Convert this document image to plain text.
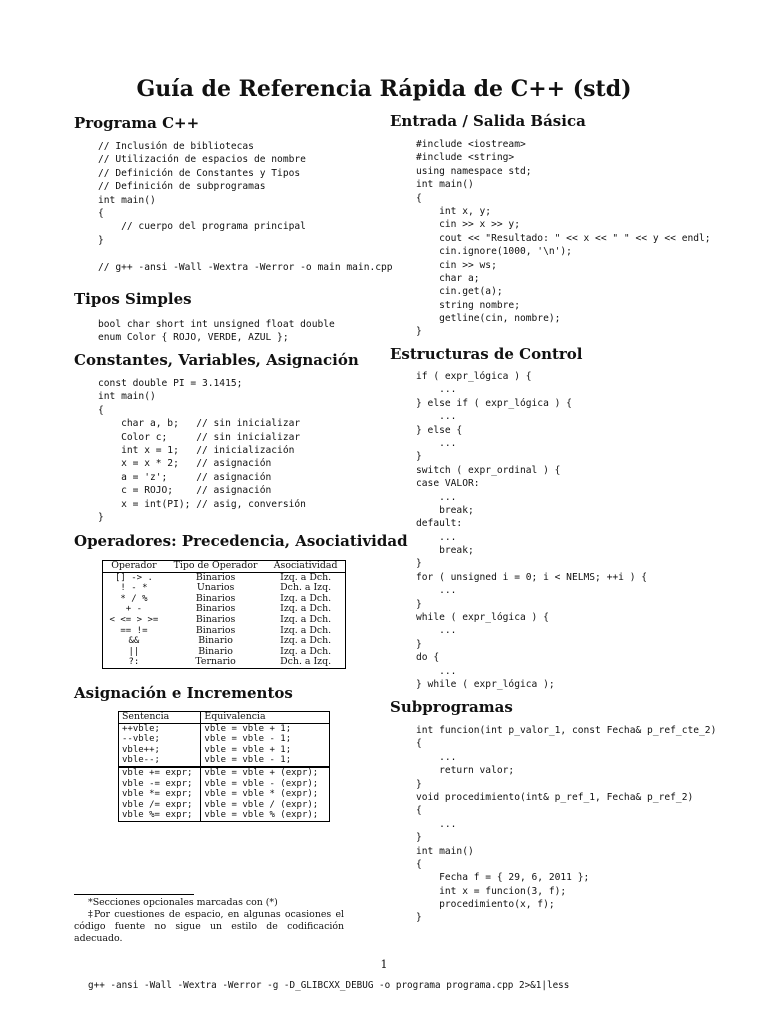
Guía de Referencia Rápida de C++ (std)
Programa C++
// Inclusión de bibliotecas
// Utilización de espacios de nombre
// Definición de Constantes y Tipos
// Definición de subprogramas
int main()
{
// cuerpo del programa principal
}
// g++ -ansi -Wall -Wextra -Werror -o main main.cpp
Tipos Simples
bool char short int unsigned float double
enum Color { ROJO, VERDE, AZUL };
Constantes, Variables, Asignación
const double PI = 3.1415;
int main()
{
char a, b;   // sin inicializar
Color c;     // sin inicializar
int x = 1;   // inicialización
x = x * 2;   // asignación
a = 'z';     // asignación
c = ROJO;    // asignación
x = int(PI); // asig, conversión
}
Operadores: Precedencia, Asociatividad
Operador	Tipo de Operador	Asociatividad
[] -> .	Binarios	Izq. a Dch.
! - *	Unarios	Dch. a Izq.
* / %	Binarios	Izq. a Dch.
+ -	Binarios	Izq. a Dch.
< <= > >=	Binarios	Izq. a Dch.
== !=	Binarios	Izq. a Dch.
&&	Binario	Izq. a Dch.
||	Binario	Izq. a Dch.
?:	Ternario	Dch. a Izq.
Asignación e Incrementos
Sentencia	Equivalencia
++vble;	vble = vble + 1;
--vble;	vble = vble - 1;
vble++;	vble = vble + 1;
vble--;	vble = vble - 1;
vble += expr;	vble = vble + (expr);
vble -= expr;	vble = vble - (expr);
vble *= expr;	vble = vble * (expr);
vble /= expr;	vble = vble / (expr);
vble %= expr;	vble = vble % (expr);
*Secciones opcionales marcadas con (*)
‡Por cuestiones de espacio, en algunas ocasiones el código fuente no sigue un estilo de codificación adecuado.
Entrada / Salida Básica
#include <iostream>
#include <string>
using namespace std;
int main()
{
int x, y;
cin >> x >> y;
cout << "Resultado: " << x << " " << y << endl;
cin.ignore(1000, '\n');
cin >> ws;
char a;
cin.get(a);
string nombre;
getline(cin, nombre);
}
Estructuras de Control
if ( expr_lógica ) {
...
} else if ( expr_lógica ) {
...
} else {
...
}
switch ( expr_ordinal ) {
case VALOR:
...
break;
default:
...
break;
}
for ( unsigned i = 0; i < NELMS; ++i ) {
...
}
while ( expr_lógica ) {
...
}
do {
...
} while ( expr_lógica );
Subprogramas
int funcion(int p_valor_1, const Fecha& p_ref_cte_2)
{
...
return valor;
}
void procedimiento(int& p_ref_1, Fecha& p_ref_2)
{
...
}
int main()
{
Fecha f = { 29, 6, 2011 };
int x = funcion(3, f);
procedimiento(x, f);
}
1
g++ -ansi -Wall -Wextra -Werror -g -D_GLIBCXX_DEBUG -o programa programa.cpp 2>&1|less
